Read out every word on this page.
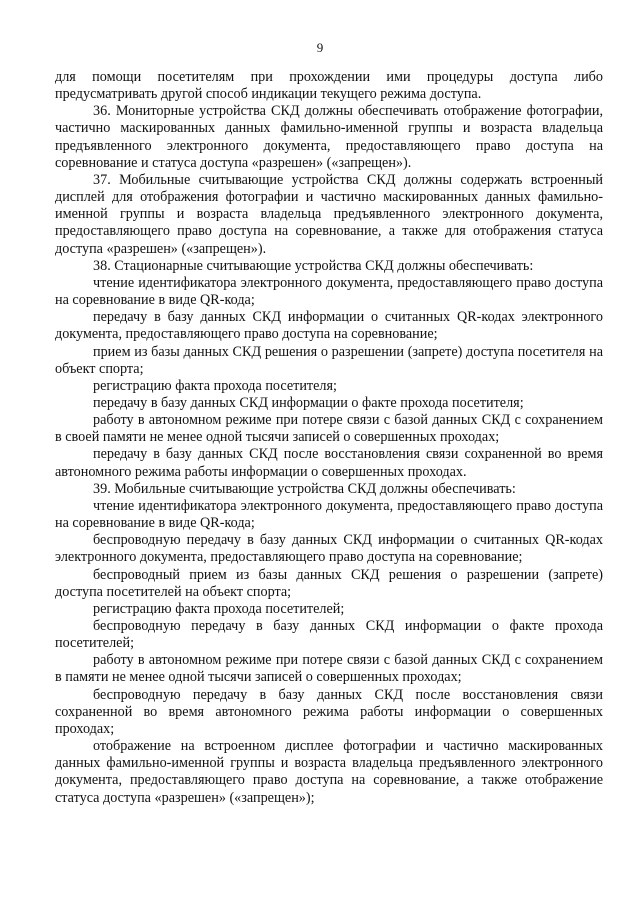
9

для помощи посетителям при прохождении ими процедуры доступа либо предусматривать другой способ индикации текущего режима доступа.

36. Мониторные устройства СКД должны обеспечивать отображение фотографии, частично маскированных данных фамильно-именной группы и возраста владельца предъявленного электронного документа, предоставляющего право доступа на соревнование и статуса доступа «разрешен» («запрещен»).

37. Мобильные считывающие устройства СКД должны содержать встроенный дисплей для отображения фотографии и частично маскированных данных фамильно-именной группы и возраста владельца предъявленного электронного документа, предоставляющего право доступа на соревнование, а также для отображения статуса доступа «разрешен» («запрещен»).

38. Стационарные считывающие устройства СКД должны обеспечивать:

чтение идентификатора электронного документа, предоставляющего право доступа на соревнование в виде QR-кода;

передачу в базу данных СКД информации о считанных QR-кодах электронного документа, предоставляющего право доступа на соревнование;

прием из базы данных СКД решения о разрешении (запрете) доступа посетителя на объект спорта;

регистрацию факта прохода посетителя;

передачу в базу данных СКД информации о факте прохода посетителя;

работу в автономном режиме при потере связи с базой данных СКД с сохранением в своей памяти не менее одной тысячи записей о совершенных проходах;

передачу в базу данных СКД после восстановления связи сохраненной во время автономного режима работы информации о совершенных проходах.

39. Мобильные считывающие устройства СКД должны обеспечивать:

чтение идентификатора электронного документа, предоставляющего право доступа на соревнование в виде QR-кода;

беспроводную передачу в базу данных СКД информации о считанных QR-кодах электронного документа, предоставляющего право доступа на соревнование;

беспроводный прием из базы данных СКД решения о разрешении (запрете) доступа посетителей на объект спорта;

регистрацию факта прохода посетителей;

беспроводную передачу в базу данных СКД информации о факте прохода посетителей;

работу в автономном режиме при потере связи с базой данных СКД с сохранением в памяти не менее одной тысячи записей о совершенных проходах;

беспроводную передачу в базу данных СКД после восстановления связи сохраненной во время автономного режима работы информации о совершенных проходах;

отображение на встроенном дисплее фотографии и частично маскированных данных фамильно-именной группы и возраста владельца предъявленного электронного документа, предоставляющего право доступа на соревнование, а также отображение статуса доступа «разрешен» («запрещен»);
